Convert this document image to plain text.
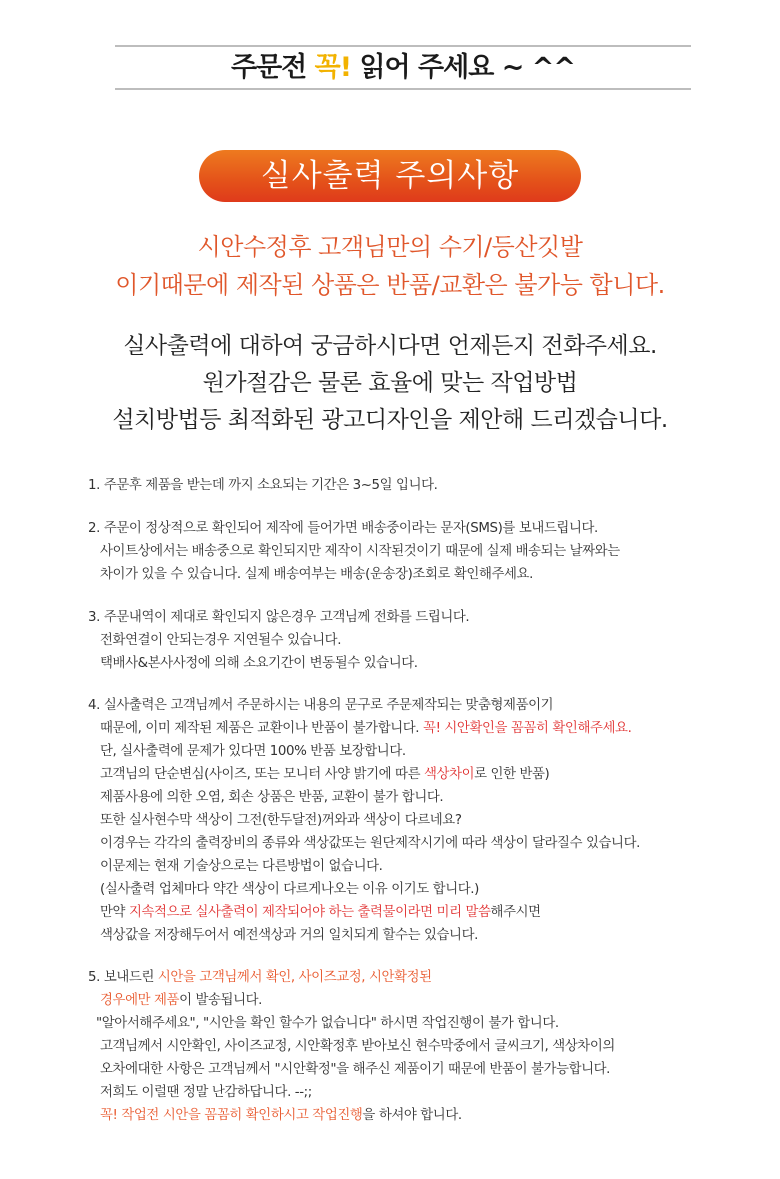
주문전 꼭! 읽어 주세요 ~ ^^
실사출력 주의사항
시안수정후 고객님만의 수기/등산깃발
이기때문에 제작된 상품은 반품/교환은 불가능 합니다.
실사출력에 대하여 궁금하시다면 언제든지 전화주세요.
원가절감은 물론 효율에 맞는 작업방법
설치방법등 최적화된 광고디자인을 제안해 드리겠습니다.
1. 주문후 제품을 받는데 까지 소요되는 기간은 3~5일 입니다.
2. 주문이 정상적으로 확인되어 제작에 들어가면 배송중이라는 문자(SMS)를 보내드립니다.
사이트상에서는 배송중으로 확인되지만 제작이 시작된것이기 때문에 실제 배송되는 날짜와는
차이가 있을 수 있습니다. 실제 배송여부는 배송(운송장)조회로 확인해주세요.
3. 주문내역이 제대로 확인되지 않은경우 고객님께 전화를 드립니다.
전화연결이 안되는경우 지연될수 있습니다.
택배사&본사사정에 의해 소요기간이 변동될수 있습니다.
4. 실사출력은 고객님께서 주문하시는 내용의 문구로 주문제작되는 맞춤형제품이기
때문에, 이미 제작된 제품은 교환이나 반품이 불가합니다. 꼭! 시안확인을 꼼꼼히 확인해주세요.
단, 실사출력에 문제가 있다면 100% 반품 보장합니다.
고객님의 단순변심(사이즈, 또는 모니터 사양 밝기에 따른 색상차이로 인한 반품)
제품사용에 의한 오염, 회손 상품은 반품, 교환이 불가 합니다.
또한 실사현수막 색상이 그전(한두달전)꺼와과 색상이 다르네요?
이경우는 각각의 출력장비의 종류와 색상값또는 원단제작시기에 따라 색상이 달라질수 있습니다.
이문제는 현재 기술상으로는 다른방법이 없습니다.
(실사출력 업체마다 약간 색상이 다르게나오는 이유 이기도 합니다.)
만약 지속적으로 실사출력이 제작되어야 하는 출력물이라면 미리 말씀해주시면
색상값을 저장해두어서 예전색상과 거의 일치되게 할수는 있습니다.
5. 보내드린 시안을 고객님께서 확인, 사이즈교정, 시안확정된
경우에만 제품이 발송됩니다.
"알아서해주세요", "시안을 확인 할수가 없습니다" 하시면 작업진행이 불가 합니다.
고객님께서 시안확인, 사이즈교정, 시안확정후 받아보신 현수막중에서 글씨크기, 색상차이의
오차에대한 사항은 고객님께서 "시안확정"을 해주신 제품이기 때문에 반품이 불가능합니다.
저희도 이럴땐 정말 난감하답니다. --;;
꼭! 작업전 시안을 꼼꼼히 확인하시고 작업진행을 하셔야 합니다.
